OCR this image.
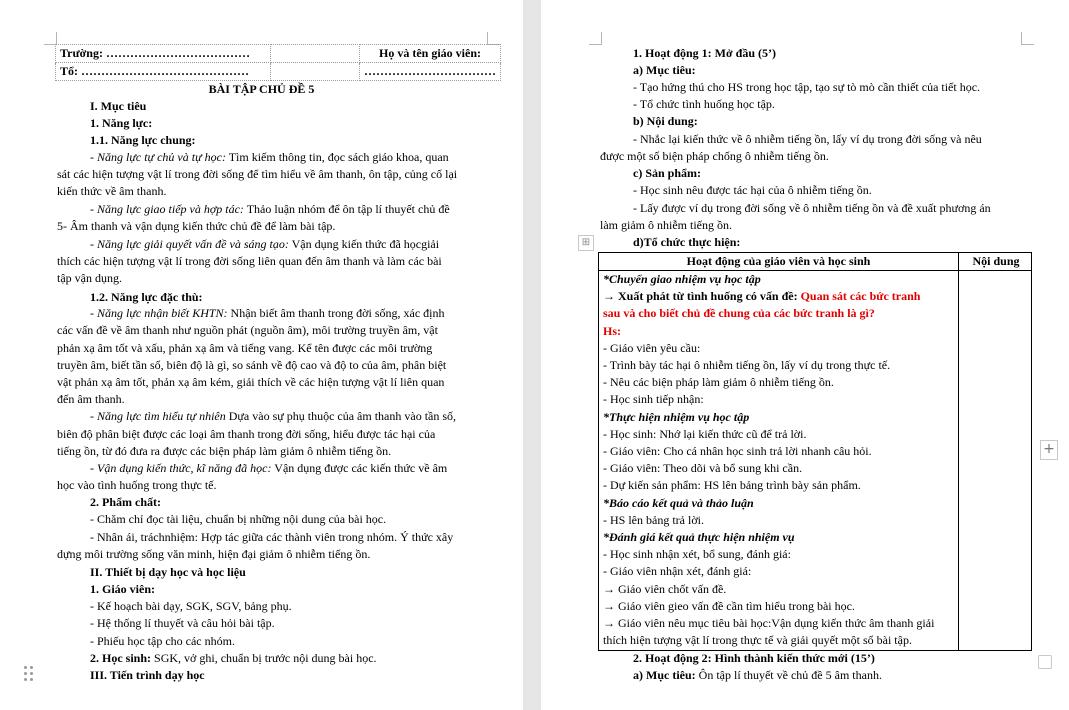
Trường: ………………………………		Họ và tên giáo viên:
Tổ: ……………………………………		……………………………
BÀI TẬP CHỦ ĐỀ 5
I. Mục tiêu
1. Năng lực:
1.1. Năng lực chung:
- Năng lực tự chủ và tự học: Tìm kiếm thông tin, đọc sách giáo khoa, quan
sát các hiện tượng vật lí trong đời sống để tìm hiểu về âm thanh, ôn tập, củng cố lại
kiến thức về âm thanh.
- Năng lực giao tiếp và hợp tác: Thảo luận nhóm để ôn tập lí thuyết chủ đề
5- Âm thanh và vận dụng kiến thức chủ đề để làm bài tập.
- Năng lực giải quyết vấn đề và sáng tạo: Vận dụng kiến thức đã họcgiải
thích các hiện tượng vật lí trong đời sống liên quan đến âm thanh và làm các bài
tập vận dụng.
1.2. Năng lực đặc thù:
- Năng lực nhận biết KHTN: Nhận biết âm thanh trong đời sống, xác định
các vấn đề về âm thanh như nguồn phát (nguồn âm), môi trường truyền âm, vật
phản xạ âm tốt và xấu, phản xạ âm và tiếng vang. Kể tên được các môi trường
truyền âm, biết tần số, biên độ là gì, so sánh về độ cao và độ to của âm, phân biệt
vật phản xạ âm tốt, phản xạ âm kém, giải thích về các hiện tượng vật lí liên quan
đến âm thanh.
- Năng lực tìm hiểu tự nhiên Dựa vào sự phụ thuộc của âm thanh vào tần số,
biên độ phân biệt được các loại âm thanh trong đời sống, hiểu được tác hại của
tiếng ồn, từ đó đưa ra được các biện pháp làm giảm ô nhiễm tiếng ồn.
- Vận dụng kiến thức, kĩ năng đã học: Vận dụng được các kiến thức về âm
học vào tình huống trong thực tế.
2. Phẩm chất:
- Chăm chỉ đọc tài liệu, chuẩn bị những nội dung của bài học.
- Nhân ái, tráchnhiệm: Hợp tác giữa các thành viên trong nhóm. Ý thức xây
dựng môi trường sống văn minh, hiện đại giảm ô nhiễm tiếng ồn.
II. Thiết bị dạy học và học liệu
1. Giáo viên:
- Kế hoạch bài dạy, SGK, SGV, bảng phụ.
- Hệ thống lí thuyết và câu hỏi bài tập.
- Phiếu học tập cho các nhóm.
2. Học sinh: SGK, vở ghi, chuẩn bị trước nội dung bài học.
III. Tiến trình dạy học
1. Hoạt động 1: Mở đầu (5’)
a) Mục tiêu:
- Tạo hứng thú cho HS trong học tập, tạo sự tò mò cần thiết của tiết học.
- Tổ chức tình huống học tập.
b) Nội dung:
- Nhắc lại kiến thức về ô nhiễm tiếng ồn, lấy ví dụ trong đời sống và nêu
được một số biện pháp chống ô nhiễm tiếng ồn.
c) Sản phẩm:
- Học sinh nêu được tác hại của ô nhiễm tiếng ồn.
- Lấy được ví dụ trong đời sống về ô nhiễm tiếng ồn và đề xuất phương án
làm giảm ô nhiễm tiếng ồn.
d)Tổ chức thực hiện:
2. Hoạt động 2: Hình thành kiến thức mới (15’)
a) Mục tiêu: Ôn tập lí thuyết về chủ đề 5 âm thanh.
⊞
Hoạt động của giáo viên và học sinh	Nội dung
*Chuyển giao nhiệm vụ học tập
→ Xuất phát từ tình huống có vấn đề: Quan sát các bức tranh
sau và cho biết chủ đề chung của các bức tranh là gì?
Hs:
- Giáo viên yêu cầu:
- Trình bày tác hại ô nhiễm tiếng ồn, lấy ví dụ trong thực tế.
- Nêu các biện pháp làm giảm ô nhiễm tiếng ồn.
- Học sinh tiếp nhận:
*Thực hiện nhiệm vụ học tập
- Học sinh: Nhớ lại kiến thức cũ để trả lời.
- Giáo viên: Cho cá nhân học sinh trả lời nhanh câu hỏi.
- Giáo viên: Theo dõi và bổ sung khi cần.
- Dự kiến sản phẩm: HS lên bảng trình bày sản phẩm.
*Báo cáo kết quả và thảo luận
- HS lên bảng trả lời.
*Đánh giá kết quả thực hiện nhiệm vụ
- Học sinh nhận xét, bổ sung, đánh giá:
- Giáo viên nhận xét, đánh giá:
→ Giáo viên chốt vấn đề.
→ Giáo viên gieo vấn đề cần tìm hiểu trong bài học.
→ Giáo viên nêu mục tiêu bài học:Vận dụng kiến thức âm thanh giải
thích hiện tượng vật lí trong thực tế và giải quyết một số bài tập.
+
